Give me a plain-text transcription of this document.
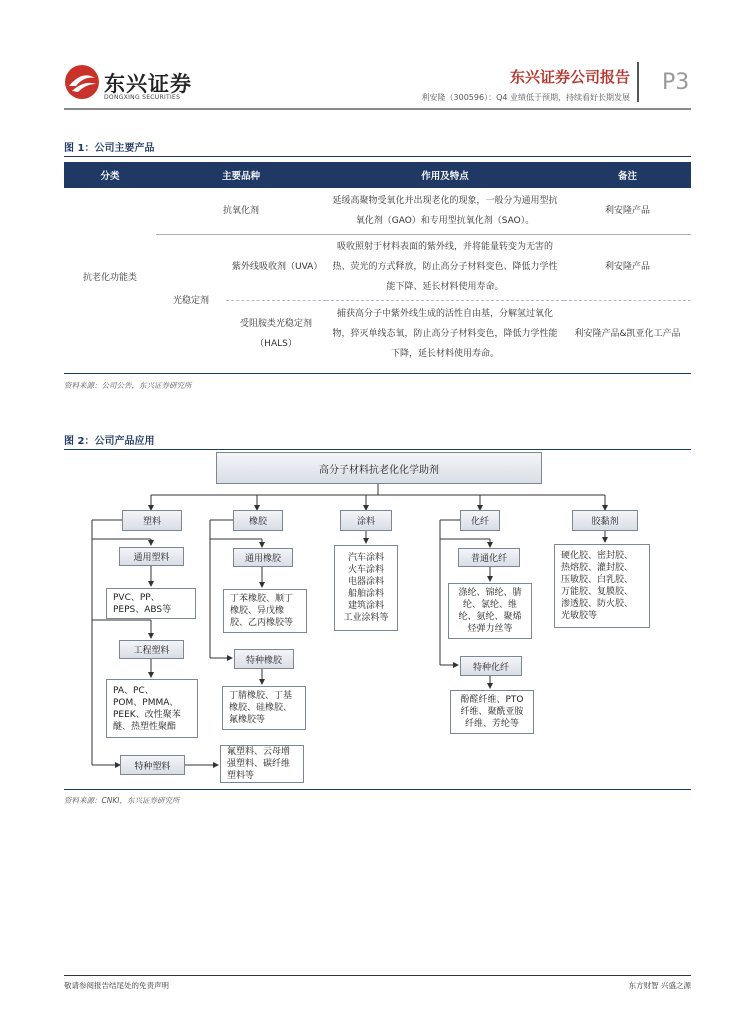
东兴证券
DONGXING SECURITIES
东兴证券公司报告
利安隆（300596）：Q4 业绩低于预期，持续看好长期发展
P3
图 1：公司主要产品
分类	主要品种		作用及特点	备注
抗老化功能类	抗氧化剂		延缓高聚物受氧化并出现老化的现象，一般分为通用型抗氧化剂（GAO）和专用型抗氧化剂（SAO）。	利安隆产品
	光稳定剂	紫外线吸收剂（UVA）	吸收照射于材料表面的紫外线，并将能量转变为无害的热、荧光的方式释放，防止高分子材料变色、降低力学性能下降、延长材料使用寿命。	利安隆产品
		受阻胺类光稳定剂（HALS）	捕获高分子中紫外线生成的活性自由基，分解氢过氧化物，猝灭单线态氧，防止高分子材料变色，降低力学性能下降，延长材料使用寿命。	利安隆产品&凯亚化工产品
资料来源：公司公告，东兴证券研究所
图 2：公司产品应用
高分子材料抗老化化学助剂
塑料	橡胶	涂料	化纤	胶黏剂
通用塑料
PVC、PP、
PEPS、ABS等
工程塑料
PA、PC、
POM、PMMA、
PEEK、改性聚苯
醚、热塑性聚酯
特种塑料
氟塑料、云母增
强塑料、碳纤维
塑料等
通用橡胶
丁苯橡胶、顺丁
橡胶、异戊橡
胶、乙丙橡胶等
特种橡胶
丁腈橡胶、丁基
橡胶、硅橡胶、
氟橡胶等
汽车涂料
火车涂料
电器涂料
船舶涂料
建筑涂料
工业涂料等
普通化纤
涤纶、锦纶、腈
纶、氯纶、维
纶、氨纶、聚烯
烃弹力丝等
特种化纤
酚醛纤维、PTO
纤维、聚酰亚胺
纤维、芳纶等
硬化胶、密封胶、
热熔胶、灌封胶、
压敏胶、白乳胶、
万能胶、复膜胶、
渗透胶、防火胶、
光敏胶等
资料来源：CNKI，东兴证券研究所
敬请参阅报告结尾处的免责声明	东方财智 兴盛之源
